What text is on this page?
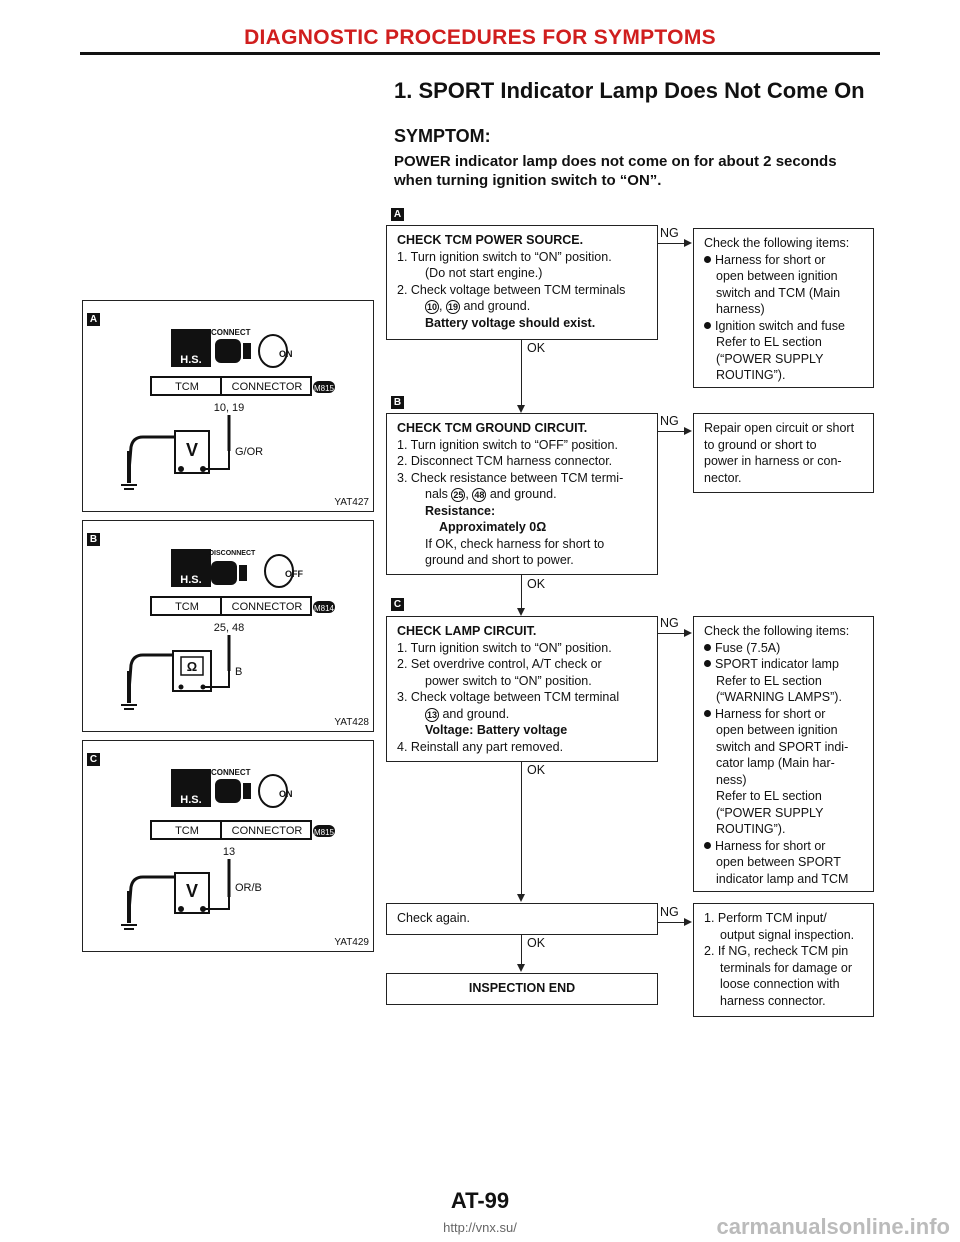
DIAGNOSTIC PROCEDURES FOR SYMPTOMS
1. SPORT Indicator Lamp Does Not Come On
SYMPTOM:
POWER indicator lamp does not come on for about 2 seconds
when turning ignition switch to “ON”.
A
CHECK TCM POWER SOURCE.
1. Turn ignition switch to “ON” position.
(Do not start engine.)
2. Check voltage between TCM terminals
10 , 19 and ground.
Battery voltage should exist.
NG
Check the following items:
Harness for short or
open between ignition
switch and TCM (Main
harness)
Ignition switch and fuse
Refer to EL section
(“POWER SUPPLY
ROUTING”).
OK
B
CHECK TCM GROUND CIRCUIT.
1. Turn ignition switch to “OFF” position.
2. Disconnect TCM harness connector.
3. Check resistance between TCM termi-
nals 25 , 48 and ground.
Resistance:
Approximately 0Ω
If OK, check harness for short to
ground and short to power.
NG Repair open circuit or short
to ground or short to
power in harness or con-
nector.
OK
C
CHECK LAMP CIRCUIT.
1. Turn ignition switch to “ON” position.
2. Set overdrive control, A/T check or
power switch to “ON” position.
3. Check voltage between TCM terminal
13 and ground.
Voltage: Battery voltage
4. Reinstall any part removed.
NG
Check the following items:
Fuse (7.5A)
SPORT indicator lamp
Refer to EL section
(“WARNING LAMPS”).
Harness for short or
open between ignition
switch and SPORT indi-
cator lamp (Main har-
ness)
Refer to EL section
(“POWER SUPPLY
ROUTING”).
Harness for short or
open between SPORT
indicator lamp and TCM
OK
Check again.	NG 1. Perform TCM input/
output signal inspection.
2. If NG, recheck TCM pin
terminals for damage or
loose connection with
harness connector.
OK
INSPECTION END
A
H.S.
CONNECT
ON
TCM	CONNECTOR M815
10, 19
G/OR
V
YAT427
B
H.S.
DISCONNECT
OFF
TCM	CONNECTOR M814
25, 48
B
Ω
YAT428
C
H.S.
CONNECT
ON
TCM	CONNECTOR M815
13
OR/B
V
YAT429
AT-99
http://vnx.su/	carmanualsonline.info
